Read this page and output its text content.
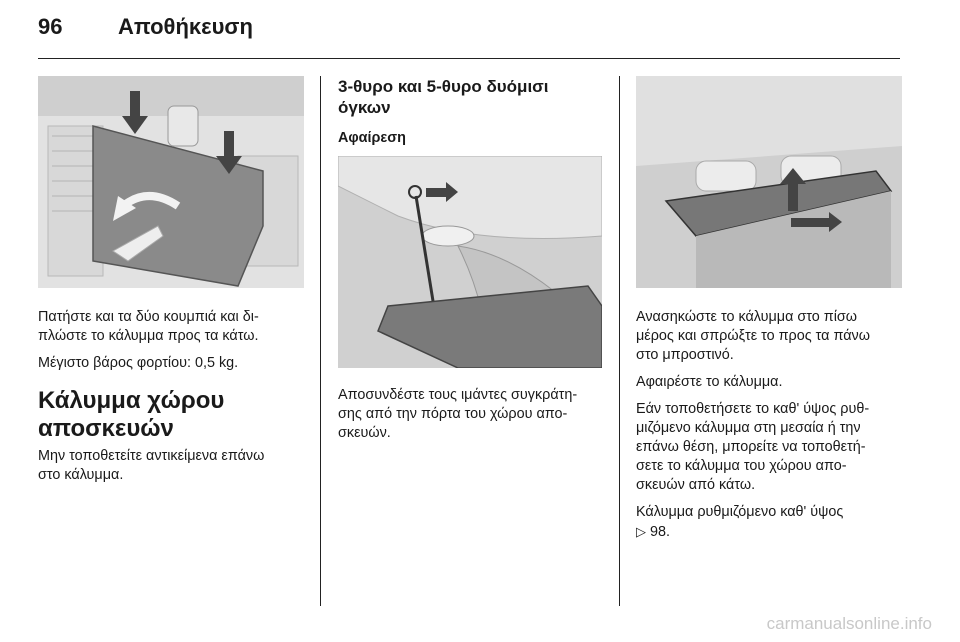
96	Αποθήκευση

Πατήστε και τα δύο κουμπιά και δι-

πλώστε το κάλυμμα προς τα κάτω.

Μέγιστο βάρος φορτίου: 0,5 kg.

Κάλυμμα χώρου
αποσκευών

Μην τοποθετείτε αντικείμενα επάνω

στο κάλυμμα.

3-θυρο και 5-θυρο δυόμισι
όγκων
Αφαίρεση

Αποσυνδέστε τους ιμάντες συγκράτη-

σης από την πόρτα του χώρου απο-

σκευών.

Ανασηκώστε το κάλυμμα στο πίσω

μέρος και σπρώξτε το προς τα πάνω

στο μπροστινό.

Αφαιρέστε το κάλυμμα.

Εάν τοποθετήσετε το καθ' ύψος ρυθ-

μιζόμενο κάλυμμα στη μεσαία ή την

επάνω θέση, μπορείτε να τοποθετή-

σετε το κάλυμμα του χώρου απο-

σκευών από κάτω.

Κάλυμμα ρυθμιζόμενο καθ' ύψος

▷ 98.

carmanualsonline.info
